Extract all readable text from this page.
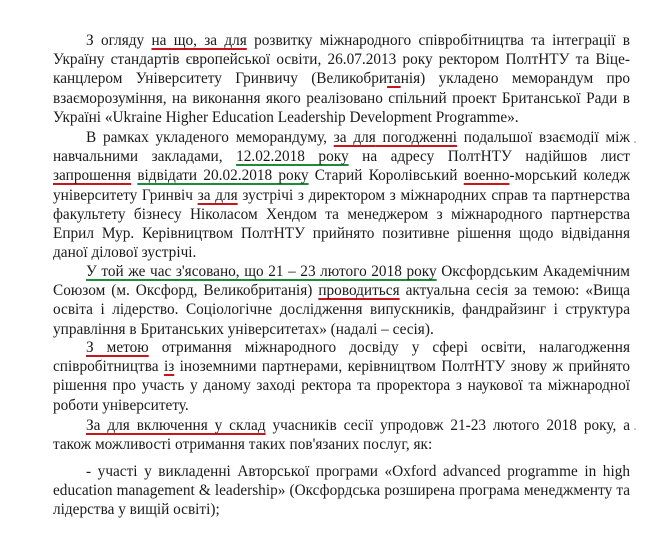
З огляду на що, за для розвитку міжнародного співробітництва та інтеграції в Україну стандартів європейської освіти, 26.07.2013 року ректором ПолтНТУ та Віце-канцлером Університету Гринвичу (Великобританія) укладено меморандум про взаєморозуміння, на виконання якого реалізовано спільний проект Британської Ради в Україні «Ukraine Higher Education Leadership Development Programme».

В рамках укладеного меморандуму, за для погодженні подальшої взаємодії між навчальними закладами, 12.02.2018 року на адресу ПолтНТУ надійшов лист запрошення відвідати 20.02.2018 року Старий Королівський военно-морський коледж університету Гринвіч за для зустрічі з директором з міжнародних справ та партнерства факультету бізнесу Ніколасом Хендом та менеджером з міжнародного партнерства Еприл Мур. Керівництвом ПолтНТУ прийнято позитивне рішення щодо відвідання даної ділової зустрічі.

У той же час з'ясовано, що 21 – 23 лютого 2018 року Оксфордським Академічним Союзом (м. Оксфорд, Великобританія) проводиться актуальна сесія за темою: «Вища освіта і лідерство. Соціологічне дослідження випускників, фандрайзинг і структура управління в Британських університетах» (надалі – сесія).

З метою отримання міжнародного досвіду у сфері освіти, налагодження співробітництва із іноземними партнерами, керівництвом ПолтНТУ знову ж прийнято рішення про участь у даному заході ректора та проректора з наукової та міжнародної роботи університету.

За для включення у склад учасників сесії упродовж 21-23 лютого 2018 року, а також можливості отримання таких пов'язаних послуг, як:

- участі у викладенні Авторської програми «Oxford advanced programme in high education management & leadership» (Оксфордська розширена програма менеджменту та лідерства у вищій освіті);

·
·
